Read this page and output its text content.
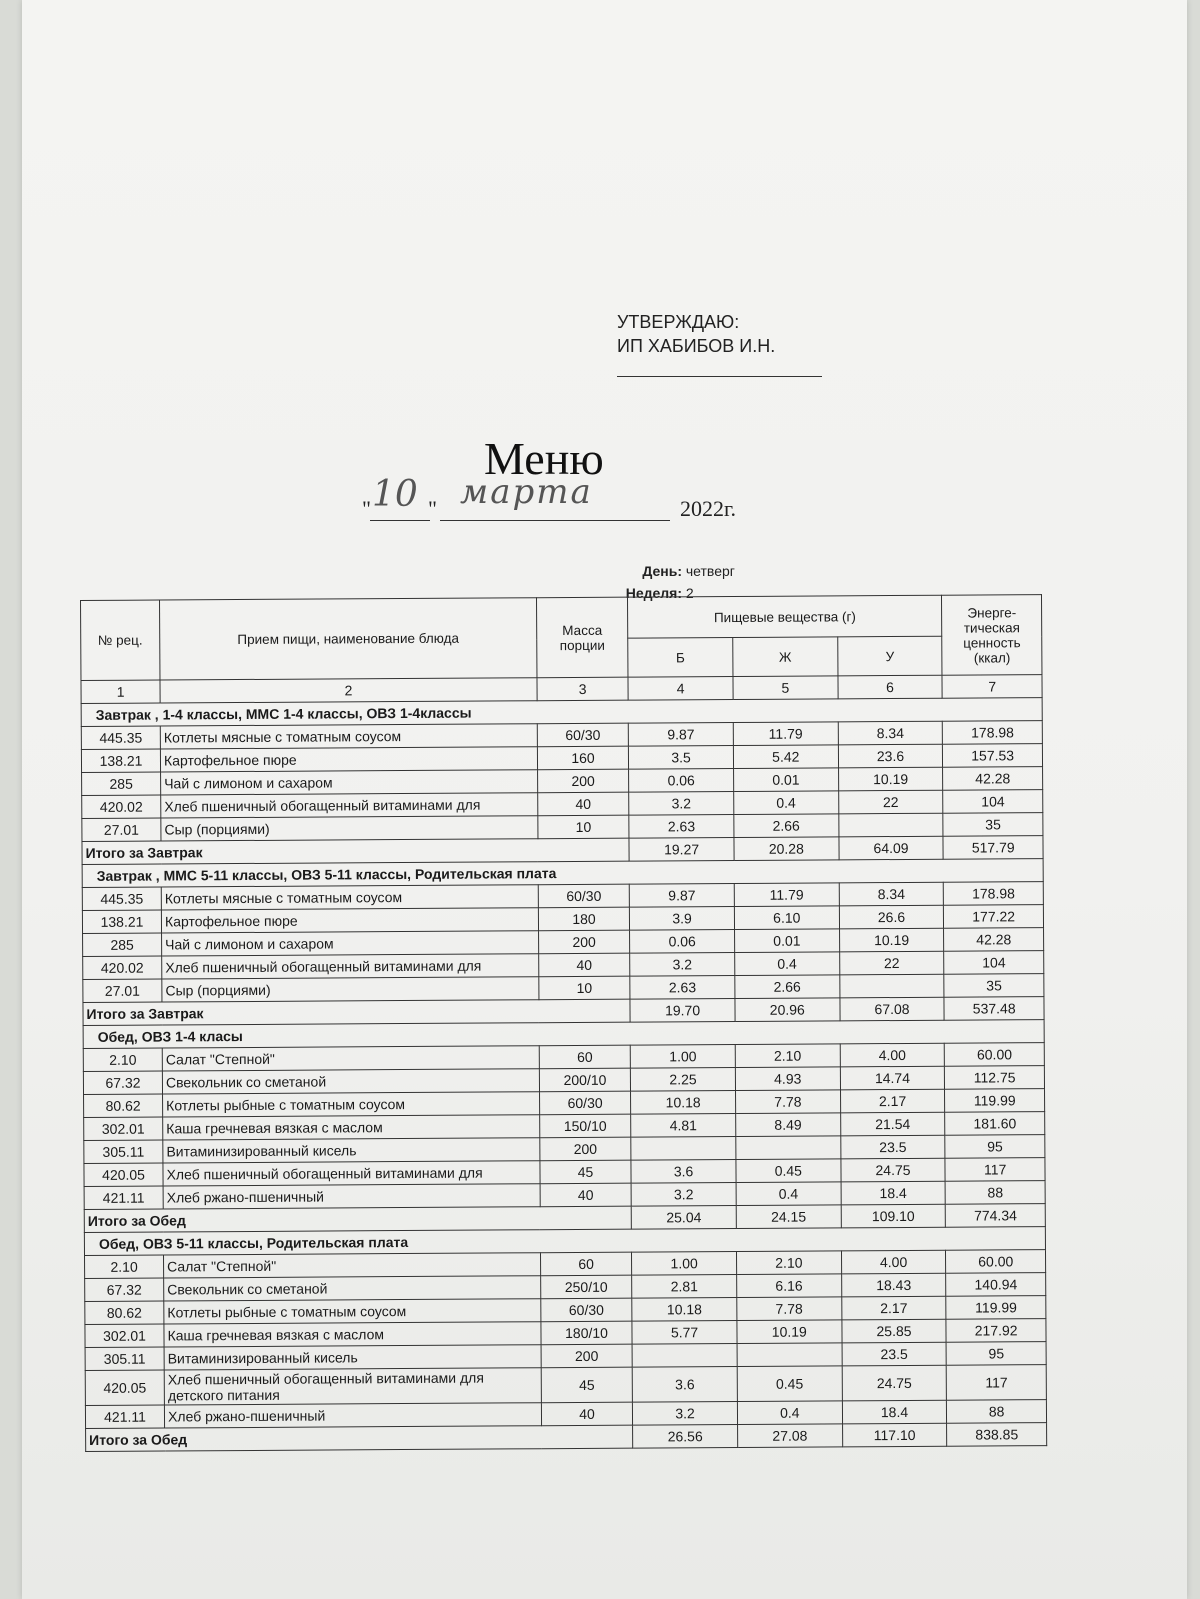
УТВЕРЖДАЮ:
ИП ХАБИБОВ И.Н.
Меню
" 10 " марта	2022г.
День: четверг
Неделя: 2
№ рец.	Прием пищи, наименование блюда	Масса порции	Пищевые вещества (г)			Энерге-тическая ценность (ккал)
			Б	Ж	У	
1	2	3	4	5	6	7
Завтрак , 1-4 классы, ММС 1-4 классы, ОВЗ 1-4классы						
445.35	Котлеты мясные с томатным соусом	60/30	9.87	11.79	8.34	178.98
138.21	Картофельное пюре	160	3.5	5.42	23.6	157.53
285	Чай с лимоном и сахаром	200	0.06	0.01	10.19	42.28
420.02	Хлеб пшеничный обогащенный витаминами для	40	3.2	0.4	22	104
27.01	Сыр (порциями)	10	2.63	2.66		35
Итого за Завтрак			19.27	20.28	64.09	517.79
Завтрак , ММС 5-11 классы, ОВЗ 5-11 классы, Родительская плата						
445.35	Котлеты мясные с томатным соусом	60/30	9.87	11.79	8.34	178.98
138.21	Картофельное пюре	180	3.9	6.10	26.6	177.22
285	Чай с лимоном и сахаром	200	0.06	0.01	10.19	42.28
420.02	Хлеб пшеничный обогащенный витаминами для	40	3.2	0.4	22	104
27.01	Сыр (порциями)	10	2.63	2.66		35
Итого за Завтрак			19.70	20.96	67.08	537.48
Обед, ОВЗ 1-4 класы						
2.10	Салат "Степной"	60	1.00	2.10	4.00	60.00
67.32	Свекольник со сметаной	200/10	2.25	4.93	14.74	112.75
80.62	Котлеты рыбные с томатным соусом	60/30	10.18	7.78	2.17	119.99
302.01	Каша гречневая вязкая с маслом	150/10	4.81	8.49	21.54	181.60
305.11	Витаминизированный кисель	200			23.5	95
420.05	Хлеб пшеничный обогащенный витаминами для	45	3.6	0.45	24.75	117
421.11	Хлеб ржано-пшеничный	40	3.2	0.4	18.4	88
Итого за Обед			25.04	24.15	109.10	774.34
Обед, ОВЗ 5-11 классы, Родительская плата						
2.10	Салат "Степной"	60	1.00	2.10	4.00	60.00
67.32	Свекольник со сметаной	250/10	2.81	6.16	18.43	140.94
80.62	Котлеты рыбные с томатным соусом	60/30	10.18	7.78	2.17	119.99
302.01	Каша гречневая вязкая с маслом	180/10	5.77	10.19	25.85	217.92
305.11	Витаминизированный кисель	200			23.5	95
420.05	Хлеб пшеничный обогащенный витаминами для детского питания	45	3.6	0.45	24.75	117
421.11	Хлеб ржано-пшеничный	40	3.2	0.4	18.4	88
Итого за Обед			26.56	27.08	117.10	838.85
